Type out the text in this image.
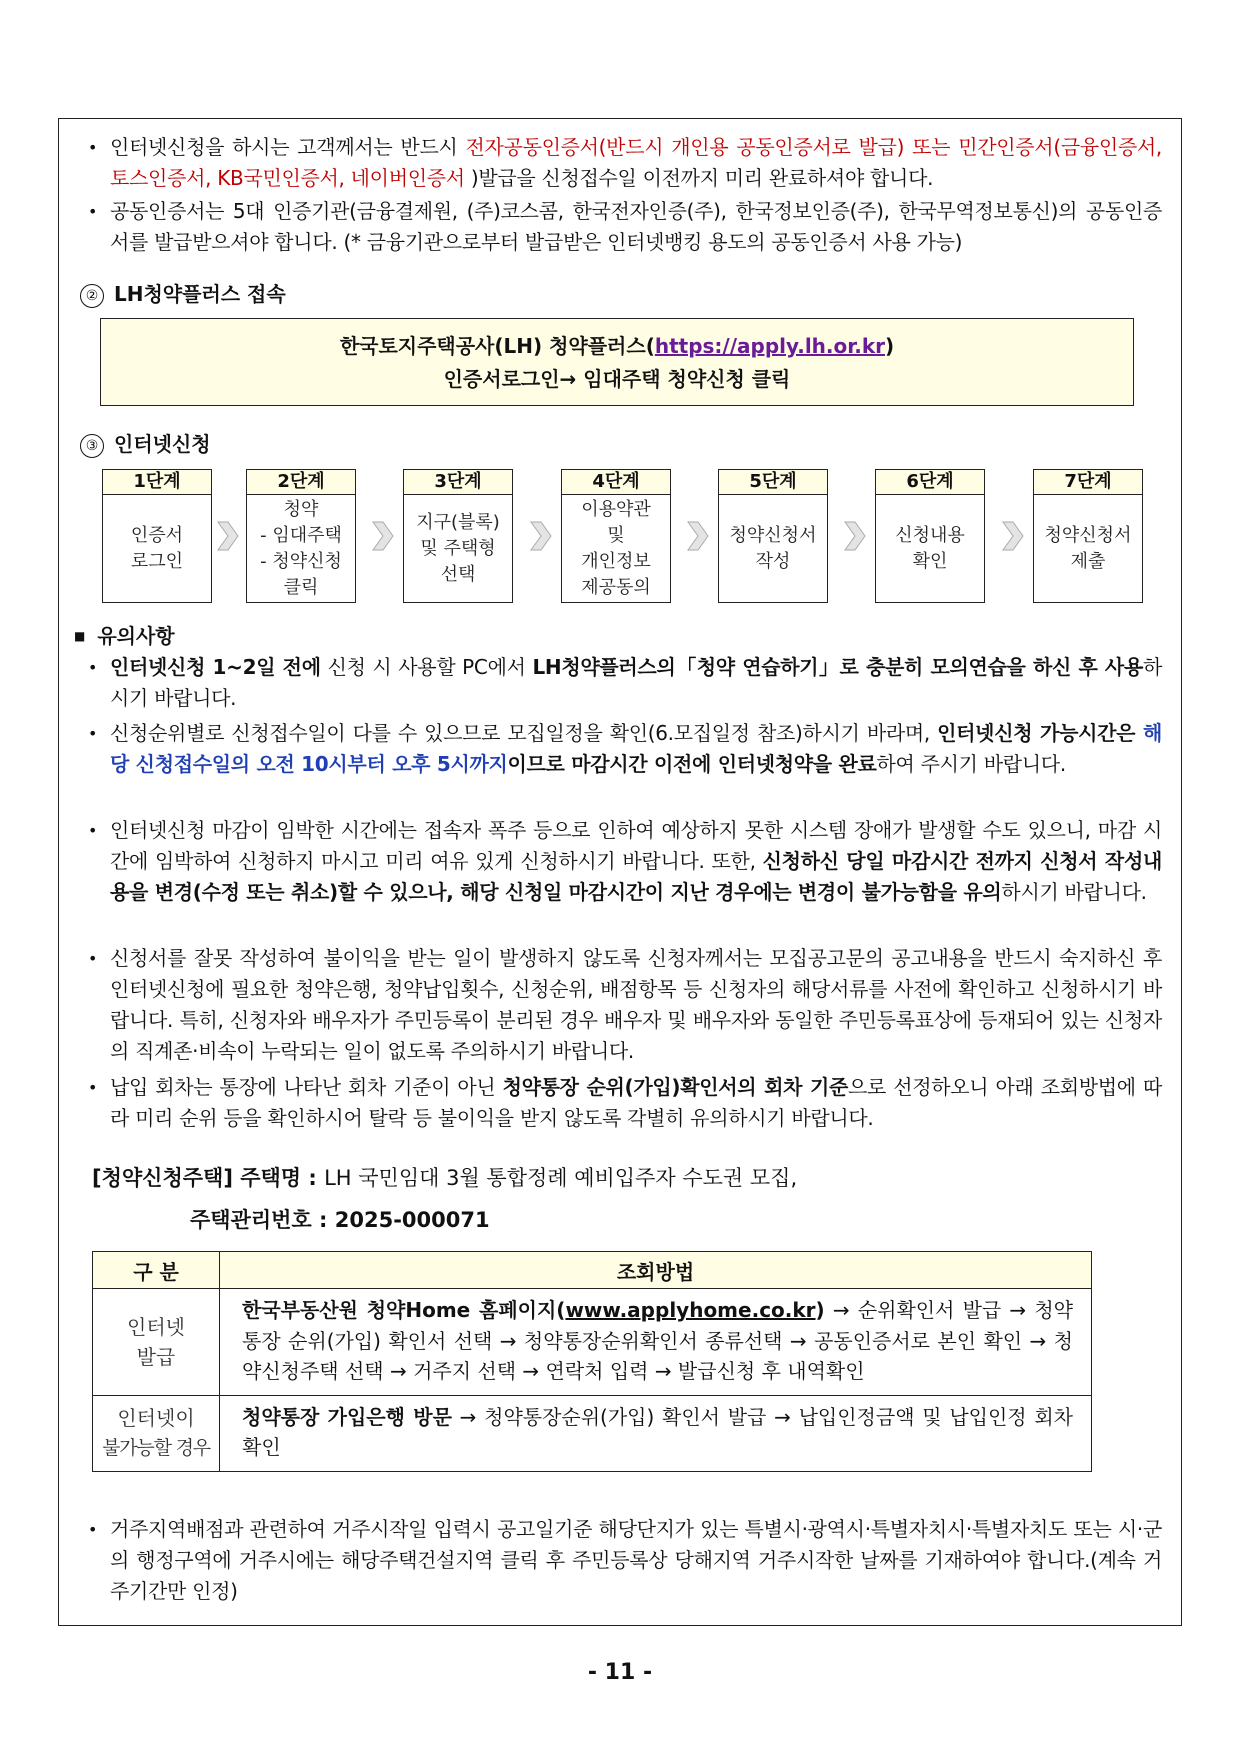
• 인터넷신청을 하시는 고객께서는 반드시 전자공동인증서(반드시 개인용 공동인증서로 발급) 또는 민간인증서(금융인증서, 토스인증서, KB국민인증서, 네이버인증서 )발급을 신청접수일 이전까지 미리 완료하셔야 합니다.
• 공동인증서는 5대 인증기관(금융결제원, (주)코스콤, 한국전자인증(주), 한국정보인증(주), 한국무역정보통신)의 공동인증서를 발급받으셔야 합니다. (* 금융기관으로부터 발급받은 인터넷뱅킹 용도의 공동인증서 사용 가능)
② LH청약플러스 접속
한국토지주택공사(LH) 청약플러스(https://apply.lh.or.kr)
인증서로그인→ 임대주택 청약신청 클릭
③ 인터넷신청
1단계
인증서
로그인
2단계
청약
- 임대주택
- 청약신청
클릭
3단계
지구(블록)
및 주택형
선택
4단계
이용약관
및
개인정보
제공동의
5단계
청약신청서
작성
6단계
신청내용
확인
7단계
청약신청서
제출
■ 유의사항
• 인터넷신청 1~2일 전에 신청 시 사용할 PC에서 LH청약플러스의「청약 연습하기」로 충분히 모의연습을 하신 후 사용하시기 바랍니다.
• 신청순위별로 신청접수일이 다를 수 있으므로 모집일정을 확인(6.모집일정 참조)하시기 바라며, 인터넷신청 가능시간은 해당 신청접수일의 오전 10시부터 오후 5시까지이므로 마감시간 이전에 인터넷청약을 완료하여 주시기 바랍니다.
• 인터넷신청 마감이 임박한 시간에는 접속자 폭주 등으로 인하여 예상하지 못한 시스템 장애가 발생할 수도 있으니, 마감 시간에 임박하여 신청하지 마시고 미리 여유 있게 신청하시기 바랍니다. 또한, 신청하신 당일 마감시간 전까지 신청서 작성내용을 변경(수정 또는 취소)할 수 있으나, 해당 신청일 마감시간이 지난 경우에는 변경이 불가능함을 유의하시기 바랍니다.
• 신청서를 잘못 작성하여 불이익을 받는 일이 발생하지 않도록 신청자께서는 모집공고문의 공고내용을 반드시 숙지하신 후 인터넷신청에 필요한 청약은행, 청약납입횟수, 신청순위, 배점항목 등 신청자의 해당서류를 사전에 확인하고 신청하시기 바랍니다. 특히, 신청자와 배우자가 주민등록이 분리된 경우 배우자 및 배우자와 동일한 주민등록표상에 등재되어 있는 신청자의 직계존·비속이 누락되는 일이 없도록 주의하시기 바랍니다.
• 납입 회차는 통장에 나타난 회차 기준이 아닌 청약통장 순위(가입)확인서의 회차 기준으로 선정하오니 아래 조회방법에 따라 미리 순위 등을 확인하시어 탈락 등 불이익을 받지 않도록 각별히 유의하시기 바랍니다.
[청약신청주택] 주택명 : LH 국민임대 3월 통합정례 예비입주자 수도권 모집,
주택관리번호 : 2025-000071
구 분	조회방법

인터넷
발급	한국부동산원 청약Home 홈페이지(www.applyhome.co.kr) → 순위확인서 발급 → 청약통장 순위(가입) 확인서 선택 → 청약통장순위확인서 종류선택 → 공동인증서로 본인 확인 → 청약신청주택 선택 → 거주지 선택 → 연락처 입력 → 발급신청 후 내역확인

인터넷이
불가능할 경우	청약통장 가입은행 방문 → 청약통장순위(가입) 확인서 발급 → 납입인정금액 및 납입인정 회차 확인
• 거주지역배점과 관련하여 거주시작일 입력시 공고일기준 해당단지가 있는 특별시·광역시·특별자치시·특별자치도 또는 시·군의 행정구역에 거주시에는 해당주택건설지역 클릭 후 주민등록상 당해지역 거주시작한 날짜를 기재하여야 합니다.(계속 거주기간만 인정)
- 11 -
